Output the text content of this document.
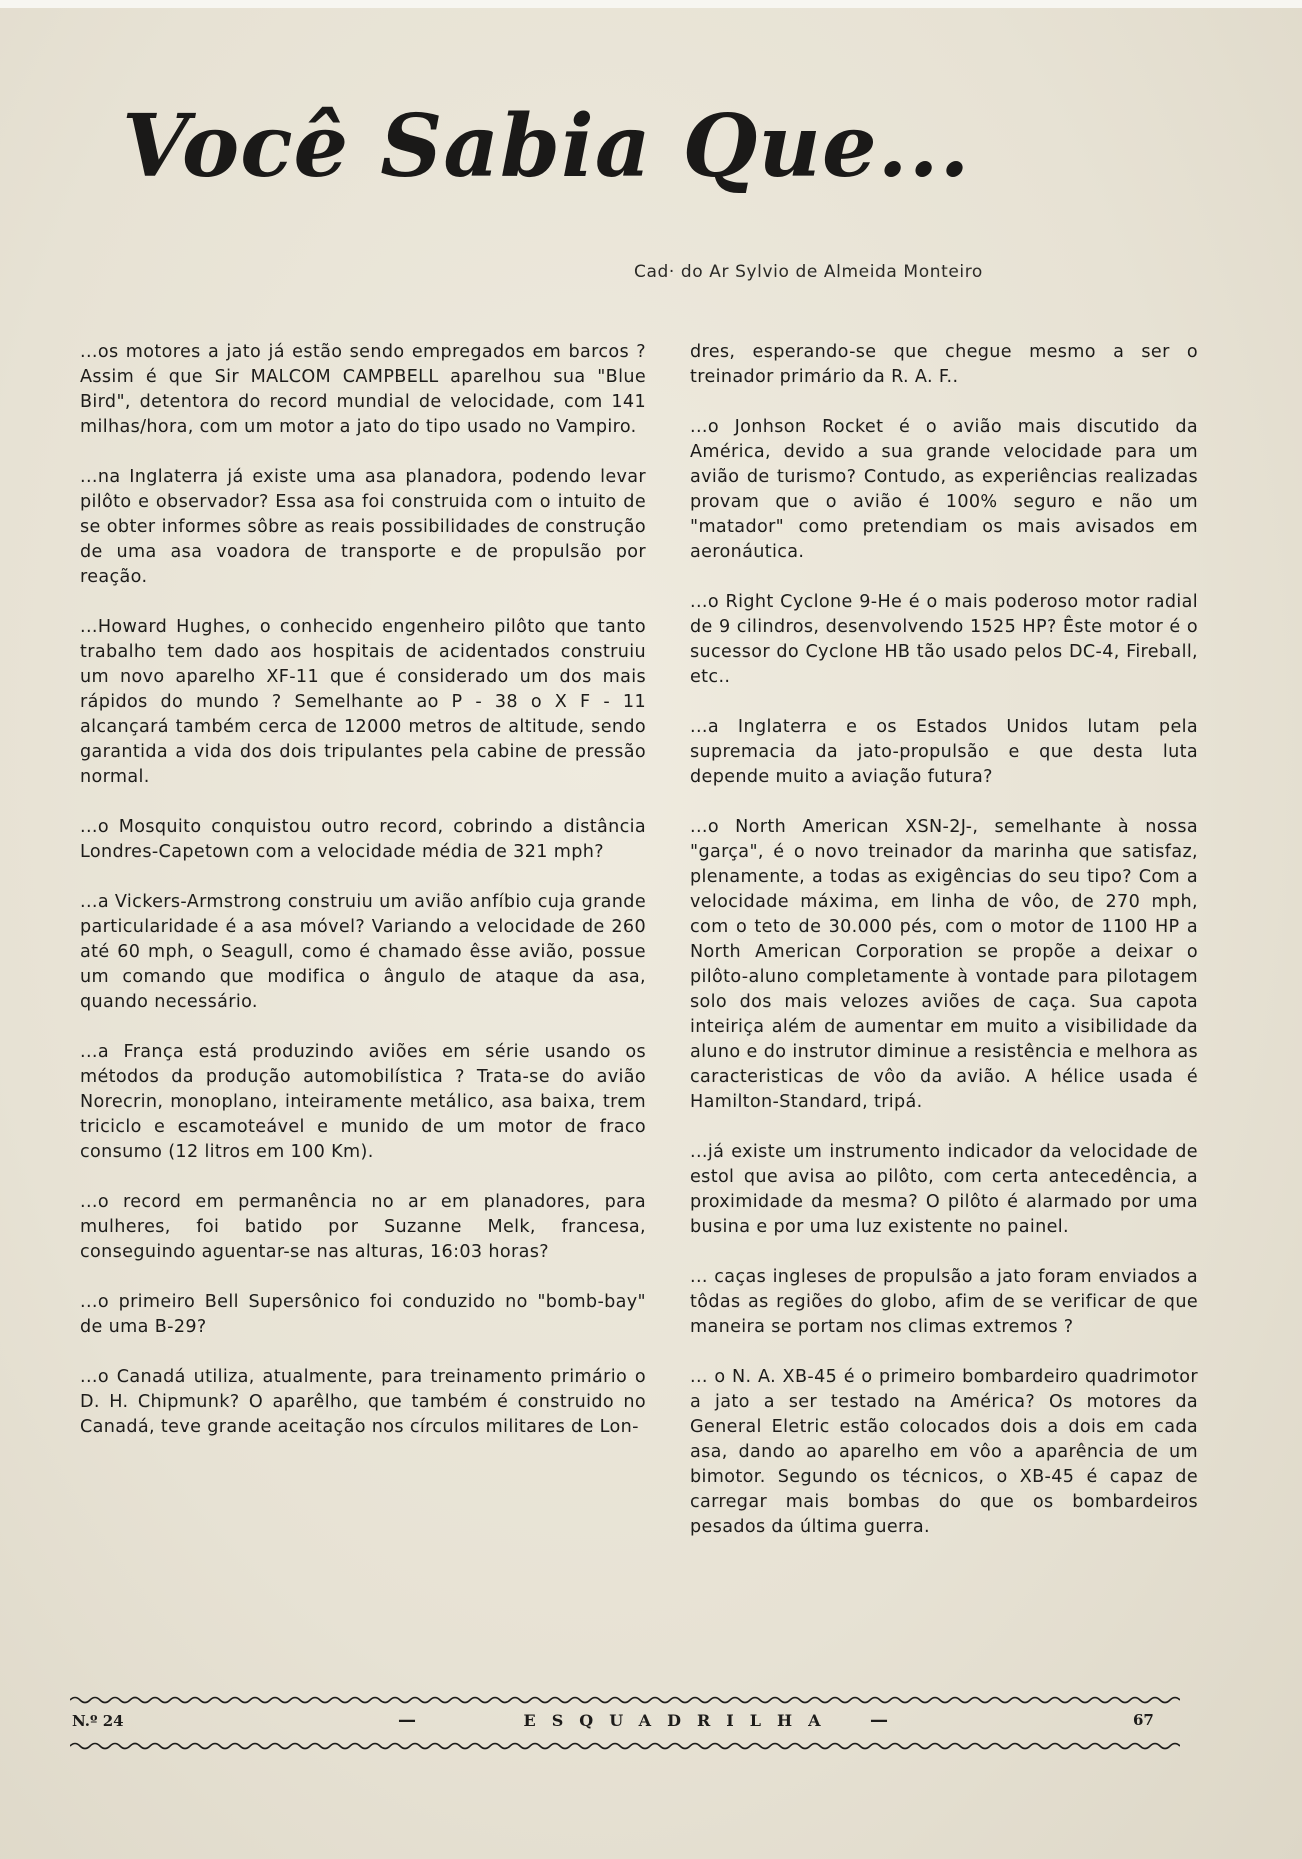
Você Sabia Que...
Cad· do Ar Sylvio de Almeida Monteiro

...os motores a jato já estão sendo empregados em barcos ? Assim é que Sir MALCOM CAMPBELL aparelhou sua "Blue Bird", detentora do record mundial de velocidade, com 141 milhas/hora, com um motor a jato do tipo usado no Vampiro.

...na Inglaterra já existe uma asa planadora, podendo levar pilôto e observador? Essa asa foi construida com o intuito de se obter informes sôbre as reais possibilidades de construção de uma asa voadora de transporte e de propulsão por reação.

...Howard Hughes, o conhecido engenheiro pilôto que tanto trabalho tem dado aos hospitais de acidentados construiu um novo aparelho XF-11 que é considerado um dos mais rápidos do mundo ? Semelhante ao P - 38 o X F - 11 alcançará também cerca de 12000 metros de altitude, sendo garantida a vida dos dois tripulantes pela cabine de pressão normal.

...o Mosquito conquistou outro record, cobrindo a distância Londres-Capetown com a velocidade média de 321 mph?

...a Vickers-Armstrong construiu um avião anfíbio cuja grande particularidade é a asa móvel? Variando a velocidade de 260 até 60 mph, o Seagull, como é chamado êsse avião, possue um comando que modifica o ângulo de ataque da asa, quando necessário.

...a França está produzindo aviões em série usando os métodos da produção automobilística ? Trata-se do avião Norecrin, monoplano, inteiramente metálico, asa baixa, trem triciclo e escamoteável e munido de um motor de fraco consumo (12 litros em 100 Km).

...o record em permanência no ar em planadores, para mulheres, foi batido por Suzanne Melk, francesa, conseguindo aguentar-se nas alturas, 16:03 horas?

...o primeiro Bell Supersônico foi conduzido no "bomb-bay" de uma B-29?

...o Canadá utiliza, atualmente, para treinamento primário o D. H. Chipmunk? O aparêlho, que também é construido no Canadá, teve grande aceitação nos círculos militares de Lon-

dres, esperando-se que chegue mesmo a ser o treinador primário da R. A. F..

...o Jonhson Rocket é o avião mais discutido da América, devido a sua grande velocidade para um avião de turismo? Contudo, as experiências realizadas provam que o avião é 100% seguro e não um "matador" como pretendiam os mais avisados em aeronáutica.

...o Right Cyclone 9-He é o mais poderoso motor radial de 9 cilindros, desenvolvendo 1525 HP? Êste motor é o sucessor do Cyclone HB tão usado pelos DC-4, Fireball, etc..

...a Inglaterra e os Estados Unidos lutam pela supremacia da jato-propulsão e que desta luta depende muito a aviação futura?

...o North American XSN-2J-, semelhante à nossa "garça", é o novo treinador da marinha que satisfaz, plenamente, a todas as exigências do seu tipo? Com a velocidade máxima, em linha de vôo, de 270 mph, com o teto de 30.000 pés, com o motor de 1100 HP a North American Corporation se propõe a deixar o pilôto-aluno completamente à vontade para pilotagem solo dos mais velozes aviões de caça. Sua capota inteiriça além de aumentar em muito a visibilidade da aluno e do instrutor diminue a resistência e melhora as caracteristicas de vôo da avião. A hélice usada é Hamilton-Standard, tripá.

...já existe um instrumento indicador da velocidade de estol que avisa ao pilôto, com certa antecedência, a proximidade da mesma? O pilôto é alarmado por uma busina e por uma luz existente no painel.

... caças ingleses de propulsão a jato foram enviados a tôdas as regiões do globo, afim de se verificar de que maneira se portam nos climas extremos ?

... o N. A. XB-45 é o primeiro bombardeiro quadrimotor a jato a ser testado na América? Os motores da General Eletric estão colocados dois a dois em cada asa, dando ao aparelho em vôo a aparência de um bimotor. Segundo os técnicos, o XB-45 é capaz de carregar mais bombas do que os bombardeiros pesados da última guerra.

N.º 24	—	ESQUADRILHA	—	67
